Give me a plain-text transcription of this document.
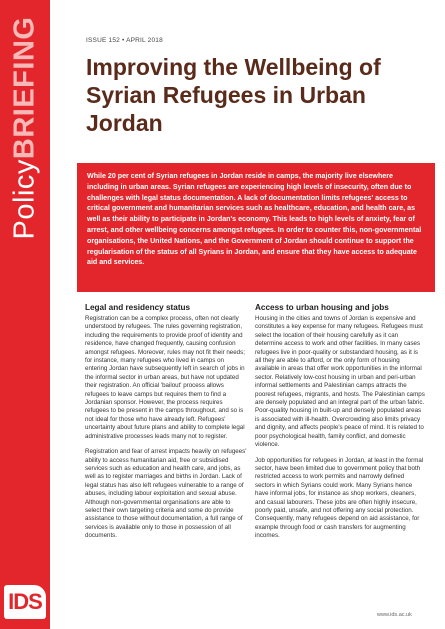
PolicyBRIEFING
IDS
ISSUE 152 • APRIL 2018
Improving the Wellbeing of Syrian Refugees in Urban Jordan

While 20 per cent of Syrian refugees in Jordan reside in camps, the majority live elsewhere including in urban areas. Syrian refugees are experiencing high levels of insecurity, often due to challenges with legal status documentation. A lack of documentation limits refugees' access to critical government and humanitarian services such as healthcare, education, and health care, as well as their ability to participate in Jordan's economy. This leads to high levels of anxiety, fear of arrest, and other wellbeing concerns amongst refugees. In order to counter this, non-governmental organisations, the United Nations, and the Government of Jordan should continue to support the regularisation of the status of all Syrians in Jordan, and ensure that they have access to adequate aid and services.

Legal and residency status

Registration can be a complex process, often not clearly understood by refugees. The rules governing registration, including the requirements to provide proof of identity and residence, have changed frequently, causing confusion amongst refugees. Moreover, rules may not fit their needs; for instance, many refugees who lived in camps on entering Jordan have subsequently left in search of jobs in the informal sector in urban areas, but have not updated their registration. An official 'bailout' process allows refugees to leave camps but requires them to find a Jordanian sponsor. However, the process requires refugees to be present in the camps throughout, and so is not ideal for those who have already left. Refugees' uncertainty about future plans and ability to complete legal administrative processes leads many not to register.

Registration and fear of arrest impacts heavily on refugees' ability to access humanitarian aid, free or subsidised services such as education and health care, and jobs, as well as to register marriages and births in Jordan. Lack of legal status has also left refugees vulnerable to a range of abuses, including labour exploitation and sexual abuse. Although non-governmental organisations are able to select their own targeting criteria and some do provide assistance to those without documentation, a full range of services is available only to those in possession of all documents.

Access to urban housing and jobs

Housing in the cities and towns of Jordan is expensive and constitutes a key expense for many refugees. Refugees must select the location of their housing carefully as it can determine access to work and other facilities. In many cases refugees live in poor-quality or substandard housing, as it is all they are able to afford, or the only form of housing available in areas that offer work opportunities in the informal sector. Relatively low-cost housing in urban and peri-urban informal settlements and Palestinian camps attracts the poorest refugees, migrants, and hosts. The Palestinian camps are densely populated and an integral part of the urban fabric. Poor-quality housing in built-up and densely populated areas is associated with ill-health. Overcrowding also limits privacy and dignity, and affects people's peace of mind. It is related to poor psychological health, family conflict, and domestic violence.

Job opportunities for refugees in Jordan, at least in the formal sector, have been limited due to government policy that both restricted access to work permits and narrowly defined sectors in which Syrians could work. Many Syrians hence have informal jobs, for instance as shop workers, cleaners, and casual labourers. These jobs are often highly insecure, poorly paid, unsafe, and not offering any social protection. Consequently, many refugees depend on aid assistance, for example through food or cash transfers for augmenting incomes.

www.ids.ac.uk
